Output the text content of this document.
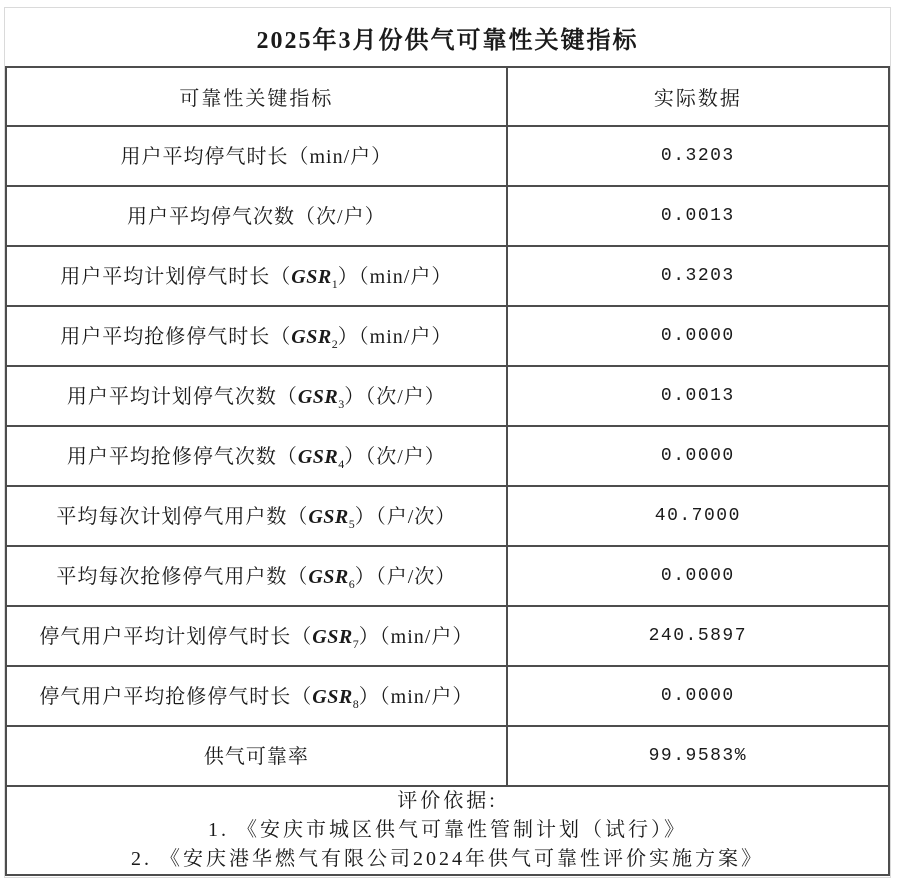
2025年3月份供气可靠性关键指标
可靠性关键指标	实际数据
用户平均停气时长（min/户）	0.3203
用户平均停气次数（次/户）	0.0013
用户平均计划停气时长$(GSR_1)(\min/$户）	0.3203
用户平均抢修停气时长$(GSR_2)(\min/$户）	0.0000
用户平均计划停气次数$(GSR_3)$（次/户）	0.0013
用户平均抢修停气次数$(GSR_4)$（次/户）	0.0000
平均每次计划停气用户数$(GSR_5)$（户/次）	40.7000
平均每次抢修停气用户数$(GSR_6)$（户/次）	0.0000
停气用户平均计划停气时长$(GSR_7)(\min/$户）	240.5897
停气用户平均抢修停气时长$(GSR_8)(\min/$户）	0.0000
供气可靠率	99.9583%

评价依据:
1. 《安庆市城区供气可靠性管制计划（试行）》
2. 《安庆港华燃气有限公司2024年供气可靠性评价实施方案》	
